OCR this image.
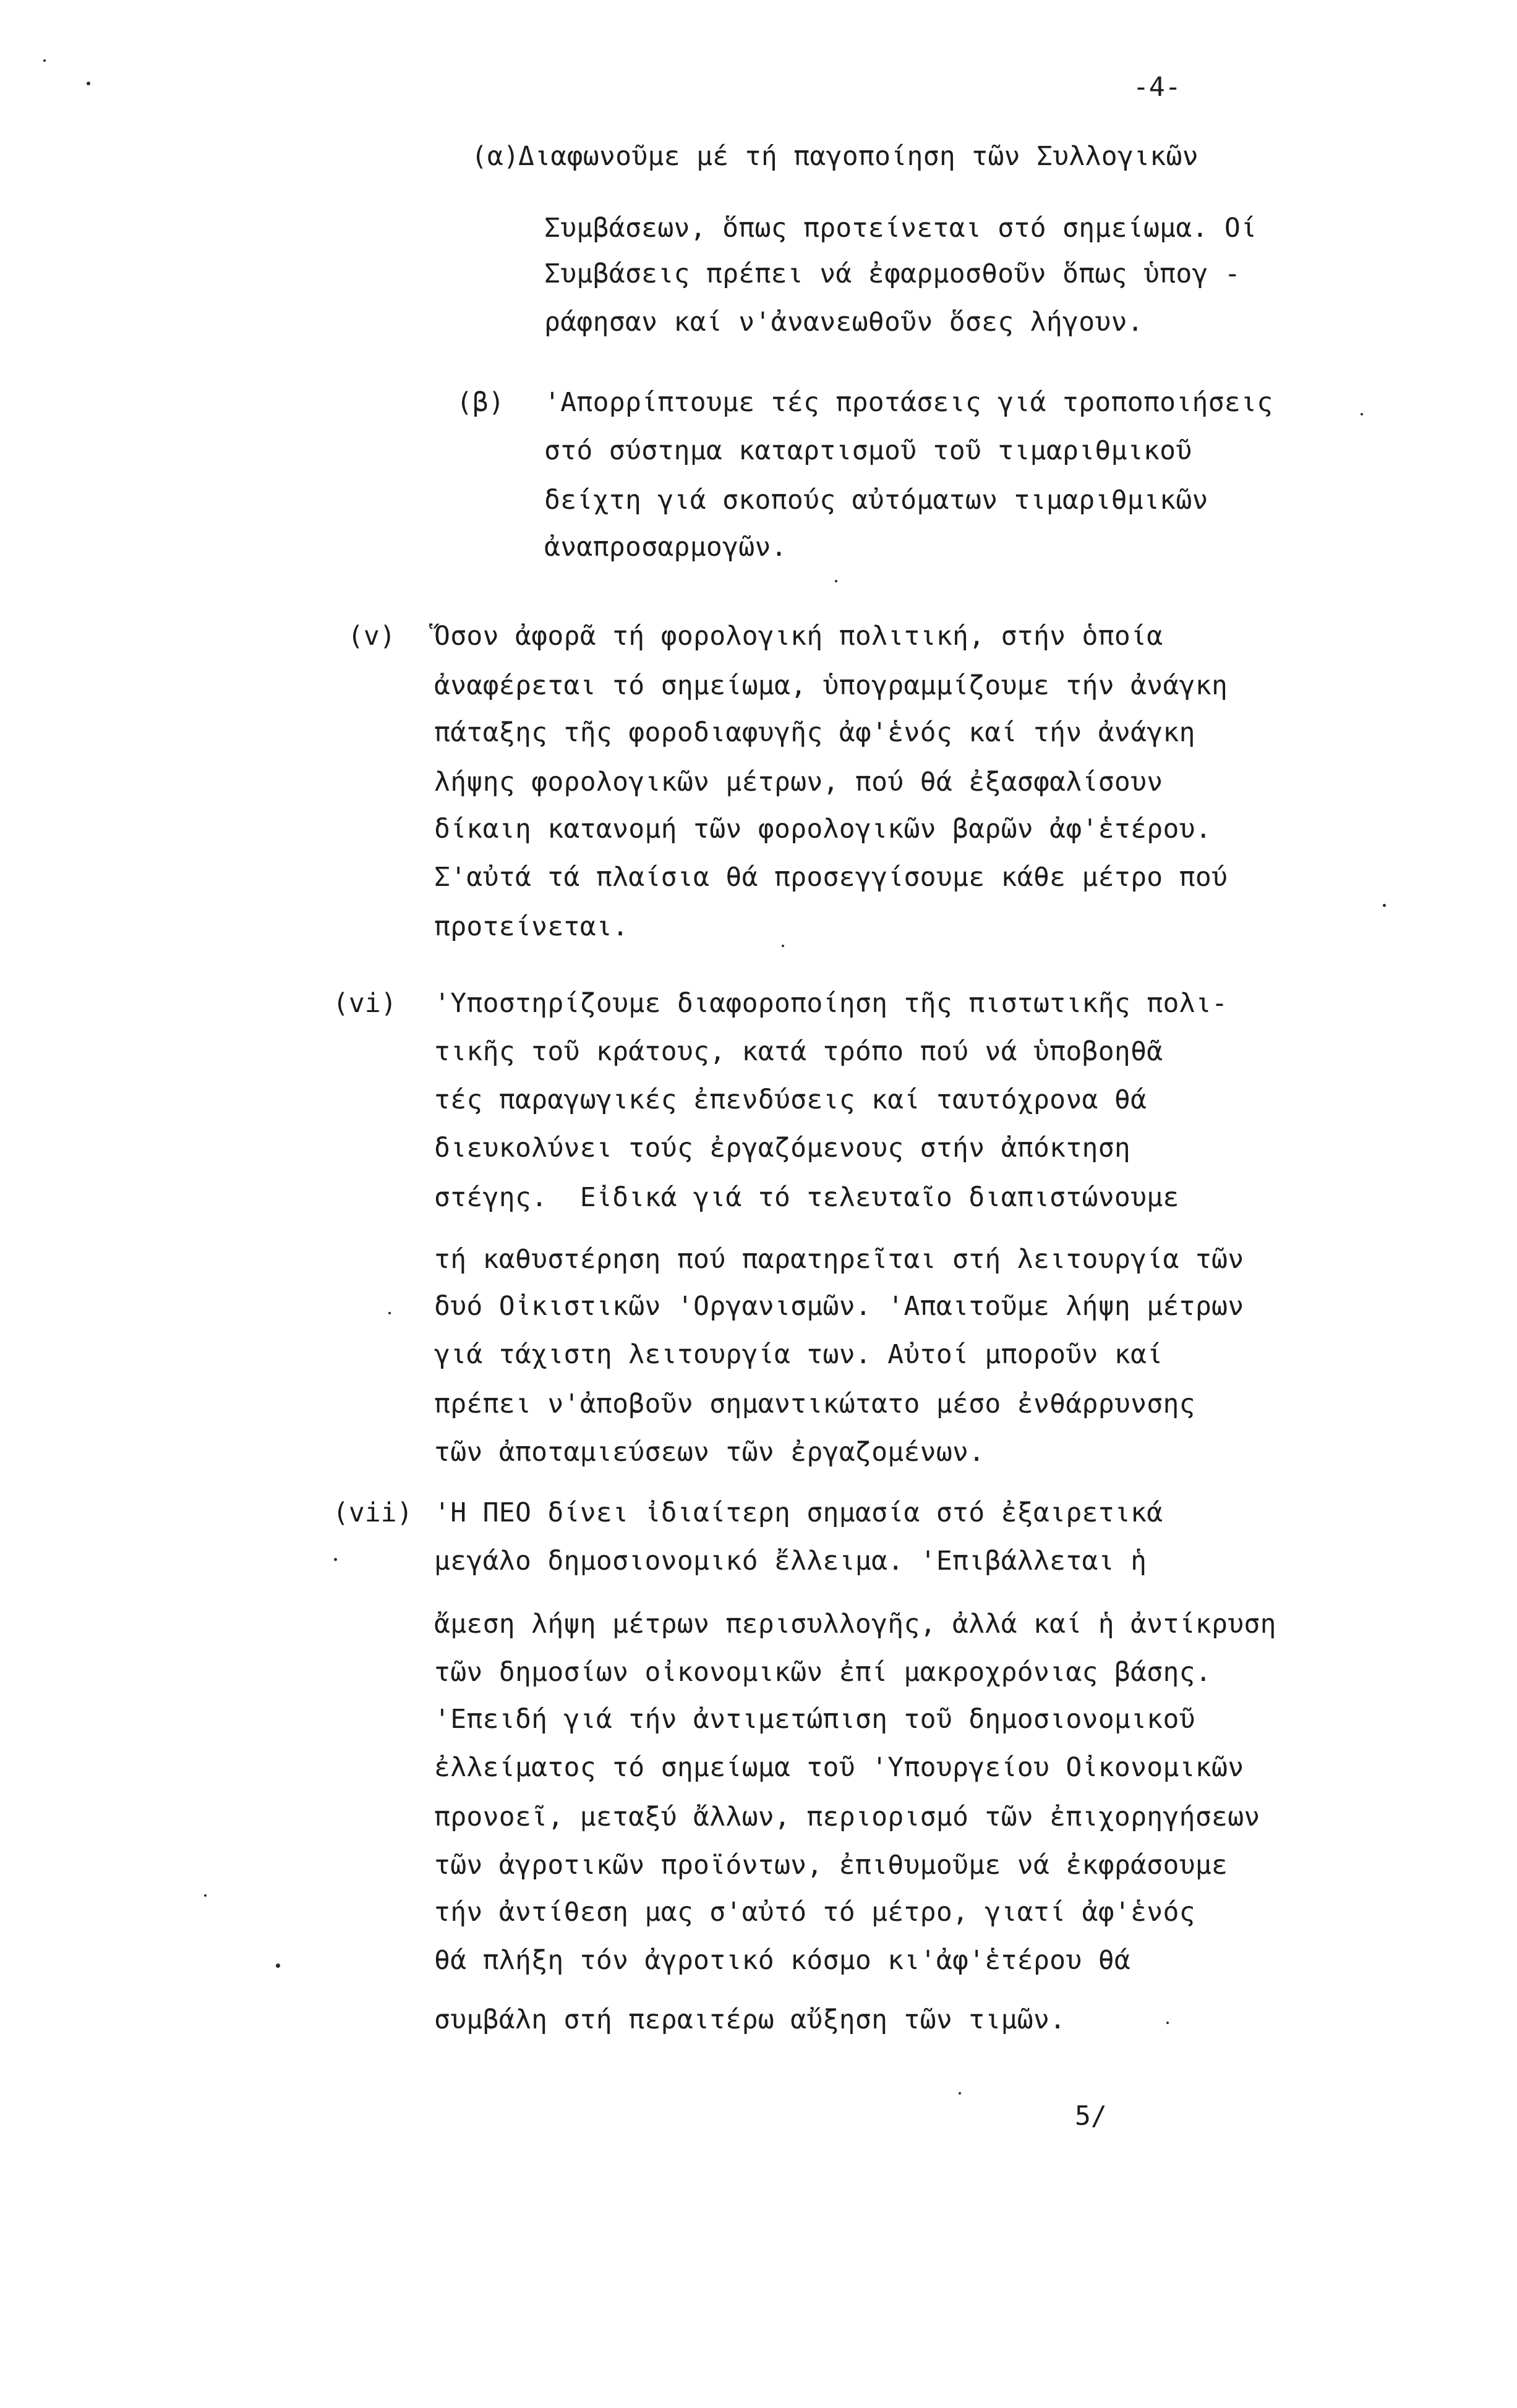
-4-
(α)
Διαφωνοῦμε μέ τή παγοποίηση τῶν Συλλογικῶν
Συμβάσεων, ὅπως προτείνεται στό σημείωμα. Οί
Συμβάσεις πρέπει νά ἐφαρμοσθοῦν ὅπως ὑπογ -
ράφησαν καί ν'ἀνανεωθοῦν ὅσες λήγουν.
(β) 'Απορρίπτουμε τές προτάσεις γιά τροποποιήσεις
στό σύστημα καταρτισμοῦ τοῦ τιμαριθμικοῦ
δείχτη γιά σκοπούς αὐτόματων τιμαριθμικῶν
ἀναπροσαρμογῶν.
(v) Ὅσον ἀφορᾶ τή φορολογική πολιτική, στήν ὁποία
ἀναφέρεται τό σημείωμα, ὑπογραμμίζουμε τήν ἀνάγκη
πάταξης τῆς φοροδιαφυγῆς ἀφ'ἑνός καί τήν ἀνάγκη
λήψης φορολογικῶν μέτρων, πού θά ἐξασφαλίσουν
δίκαιη κατανομή τῶν φορολογικῶν βαρῶν ἀφ'ἑτέρου.
Σ'αὐτά τά πλαίσια θά προσεγγίσουμε κάθε μέτρο πού
προτείνεται.
(vi) 'Υποστηρίζουμε διαφοροποίηση τῆς πιστωτικῆς πολι-
τικῆς τοῦ κράτους, κατά τρόπο πού νά ὑποβοηθᾶ
τές παραγωγικές ἐπενδύσεις καί ταυτόχρονα θά
διευκολύνει τούς ἐργαζόμενους στήν ἀπόκτηση
στέγης.  Εἰδικά γιά τό τελευταῖο διαπιστώνουμε
τή καθυστέρηση πού παρατηρεῖται στή λειτουργία τῶν
δυό Οἰκιστικῶν 'Οργανισμῶν. 'Απαιτοῦμε λήψη μέτρων
γιά τάχιστη λειτουργία των. Αὐτοί μποροῦν καί
πρέπει ν'ἀποβοῦν σημαντικώτατο μέσο ἐνθάρρυνσης
τῶν ἀποταμιεύσεων τῶν ἐργαζομένων.
(vii) 'Η ΠΕΟ δίνει ἰδιαίτερη σημασία στό ἐξαιρετικά
μεγάλο δημοσιονομικό ἔλλειμα. 'Επιβάλλεται ἡ
ἄμεση λήψη μέτρων περισυλλογῆς, ἀλλά καί ἡ ἀντίκρυση
τῶν δημοσίων οἰκονομικῶν ἐπί μακροχρόνιας βάσης.
'Επειδή γιά τήν ἀντιμετώπιση τοῦ δημοσιονομικοῦ
ἐλλείματος τό σημείωμα τοῦ 'Υπουργείου Οἰκονομικῶν
προνοεῖ, μεταξύ ἄλλων, περιορισμό τῶν ἐπιχορηγήσεων
τῶν ἀγροτικῶν προϊόντων, ἐπιθυμοῦμε νά ἐκφράσουμε
τήν ἀντίθεση μας σ'αὐτό τό μέτρο, γιατί ἀφ'ἑνός
θά πλήξη τόν ἀγροτικό κόσμο κι'ἀφ'ἑτέρου θά
συμβάλη στή περαιτέρω αὔξηση τῶν τιμῶν.
5/
